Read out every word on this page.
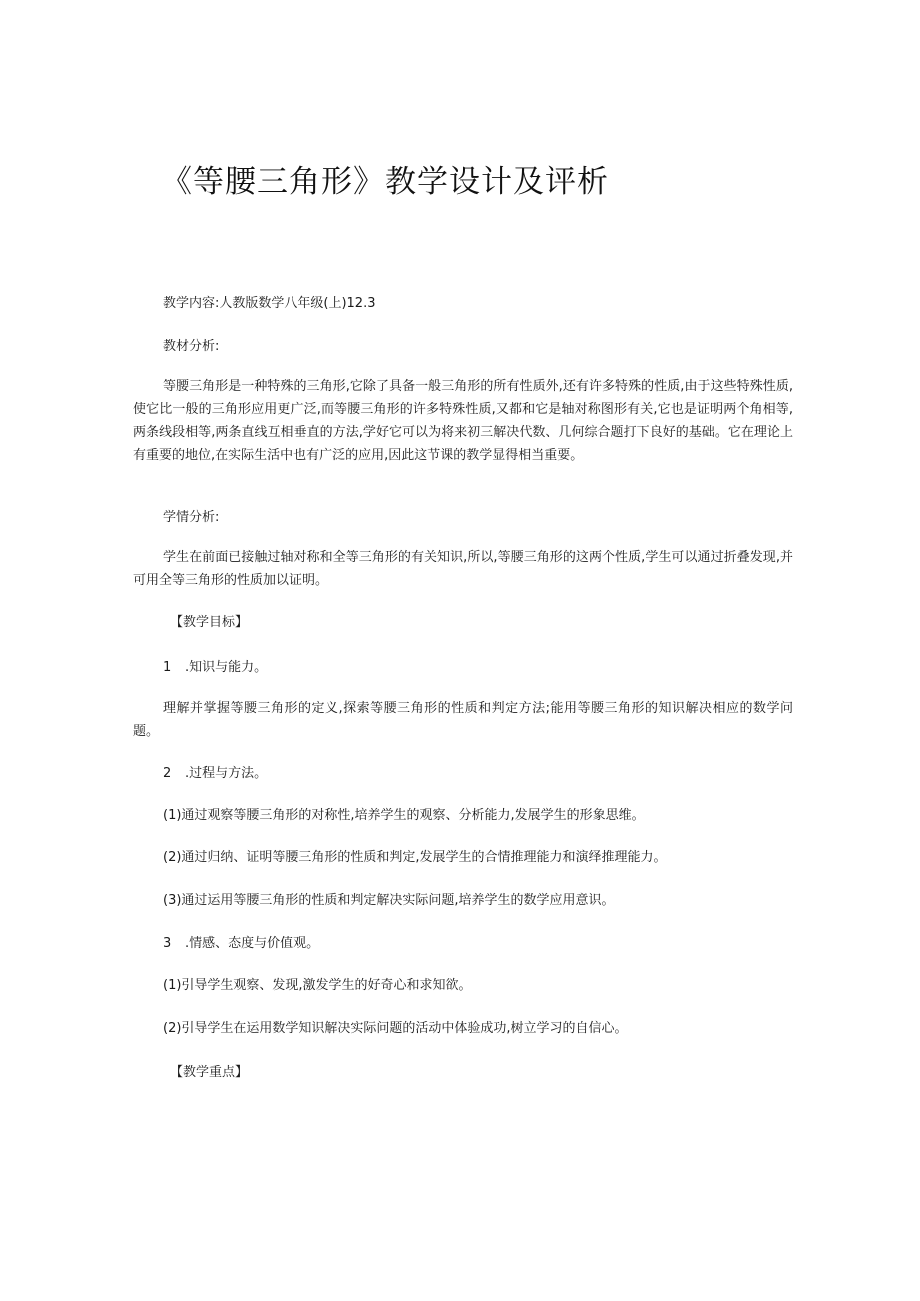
《等腰三角形》教学设计及评析
教学内容:人教版数学八年级(上)12.3
教材分析:
等腰三角形是一种特殊的三角形,它除了具备一般三角形的所有性质外,还有许多特殊的性质,由于这些特殊性质,使它比一般的三角形应用更广泛,而等腰三角形的许多特殊性质,又都和它是轴对称图形有关,它也是证明两个角相等,两条线段相等,两条直线互相垂直的方法,学好它可以为将来初三解决代数、几何综合题打下良好的基础。它在理论上有重要的地位,在实际生活中也有广泛的应用,因此这节课的教学显得相当重要。
学情分析:
学生在前面已接触过轴对称和全等三角形的有关知识,所以,等腰三角形的这两个性质,学生可以通过折叠发现,并可用全等三角形的性质加以证明。
【教学目标】
1 .知识与能力。
理解并掌握等腰三角形的定义,探索等腰三角形的性质和判定方法;能用等腰三角形的知识解决相应的数学问题。
2 .过程与方法。
(1)通过观察等腰三角形的对称性,培养学生的观察、分析能力,发展学生的形象思维。
(2)通过归纳、证明等腰三角形的性质和判定,发展学生的合情推理能力和演绎推理能力。
(3)通过运用等腰三角形的性质和判定解决实际问题,培养学生的数学应用意识。
3 .情感、态度与价值观。
(1)引导学生观察、发现,激发学生的好奇心和求知欲。
(2)引导学生在运用数学知识解决实际问题的活动中体验成功,树立学习的自信心。
【教学重点】
